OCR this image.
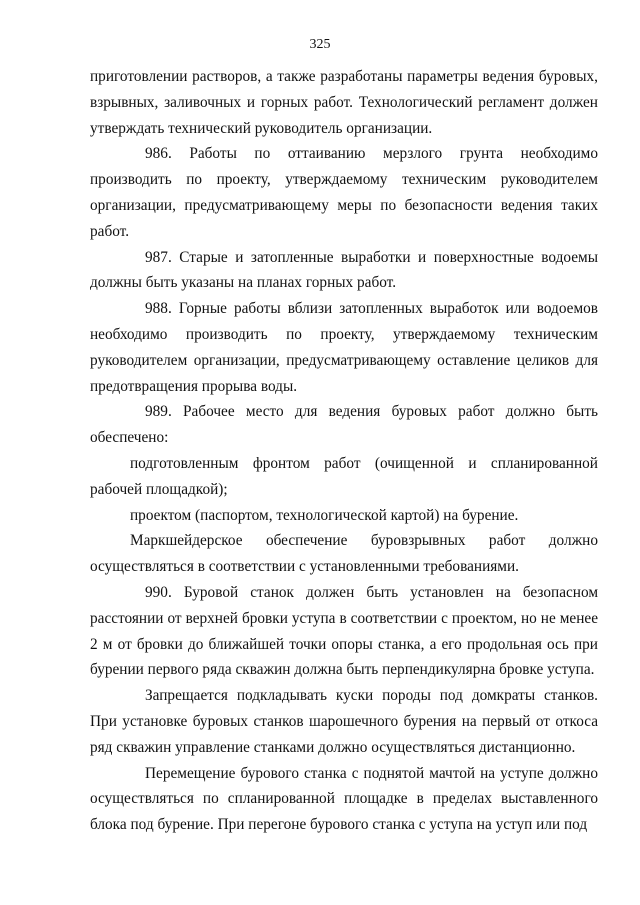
325

приготовлении растворов, а также разработаны параметры ведения буровых, взрывных, заливочных и горных работ. Технологический регламент должен утверждать технический руководитель организации.

986. Работы по оттаиванию мерзлого грунта необходимо производить по проекту, утверждаемому техническим руководителем организации, предусматривающему меры по безопасности ведения таких работ.

987. Старые и затопленные выработки и поверхностные водоемы должны быть указаны на планах горных работ.

988. Горные работы вблизи затопленных выработок или водоемов необходимо производить по проекту, утверждаемому техническим руководителем организации, предусматривающему оставление целиков для предотвращения прорыва воды.

989. Рабочее место для ведения буровых работ должно быть обеспечено:

подготовленным фронтом работ (очищенной и спланированной рабочей площадкой);

проектом (паспортом, технологической картой) на бурение.

Маркшейдерское обеспечение буровзрывных работ должно осуществляться в соответствии с установленными требованиями.

990. Буровой станок должен быть установлен на безопасном расстоянии от верхней бровки уступа в соответствии с проектом, но не менее 2 м от бровки до ближайшей точки опоры станка, а его продольная ось при бурении первого ряда скважин должна быть перпендикулярна бровке уступа.

Запрещается подкладывать куски породы под домкраты станков. При установке буровых станков шарошечного бурения на первый от откоса ряд скважин управление станками должно осуществляться дистанционно.

Перемещение бурового станка с поднятой мачтой на уступе должно осуществляться по спланированной площадке в пределах выставленного блока под бурение. При перегоне бурового станка с уступа на уступ или под
